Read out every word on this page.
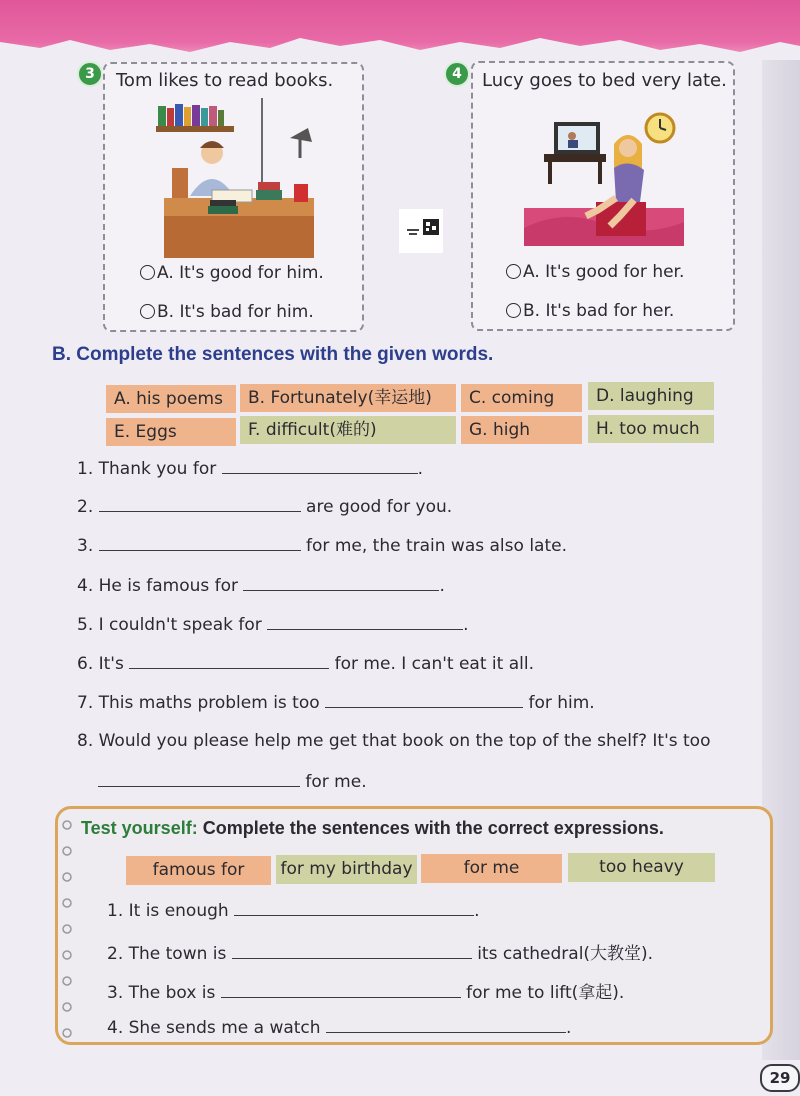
3	Tom likes to read books.
A. It's good for him.
B. It's bad for him.
4	Lucy goes to bed very late.
A. It's good for her.
B. It's bad for her.
B. Complete the sentences with the given words.
A. his poems	B. Fortunately(幸运地)	C. coming	D. laughing
E. Eggs	F. difficult(难的)	G. high	H. too much
1. Thank you for	.
2.	are good for you.
3.	for me, the train was also late.
4. He is famous for	.
5. I couldn't speak for	.
6. It's	for me. I can't eat it all.
7. This maths problem is too	for him.
8. Would you please help me get that book on the top of the shelf? It's too
for me.
Test yourself: Complete the sentences with the correct expressions.
famous for	for my birthday	for me	too heavy
1. It is enough	.
2. The town is	its cathedral(大教堂).
3. The box is	for me to lift(拿起).
4. She sends me a watch	.
29
